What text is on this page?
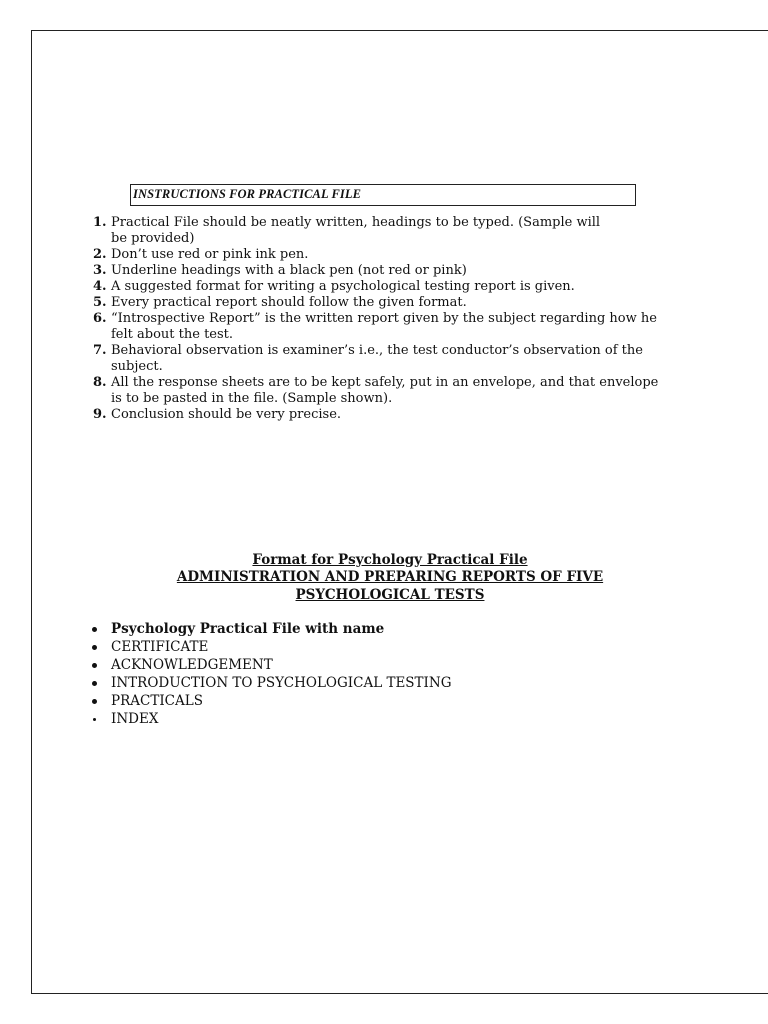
INSTRUCTIONS FOR PRACTICAL FILE
1. Practical File should be neatly written, headings to be typed. (Sample will be provided)
2. Don’t use red or pink ink pen.
3. Underline headings with a black pen (not red or pink)
4. A suggested format for writing a psychological testing report is given.
5. Every practical report should follow the given format.
6. “Introspective Report” is the written report given by the subject regarding how he felt about the test.
7. Behavioral observation is examiner’s i.e., the test conductor’s observation of the subject.
8. All the response sheets are to be kept safely, put in an envelope, and that envelope is to be pasted in the file. (Sample shown).
9. Conclusion should be very precise.
Format for Psychology Practical File
ADMINISTRATION AND PREPARING REPORTS OF FIVE
PSYCHOLOGICAL TESTS
Psychology Practical File with name
CERTIFICATE
ACKNOWLEDGEMENT
INTRODUCTION TO PSYCHOLOGICAL TESTING
PRACTICALS
INDEX
